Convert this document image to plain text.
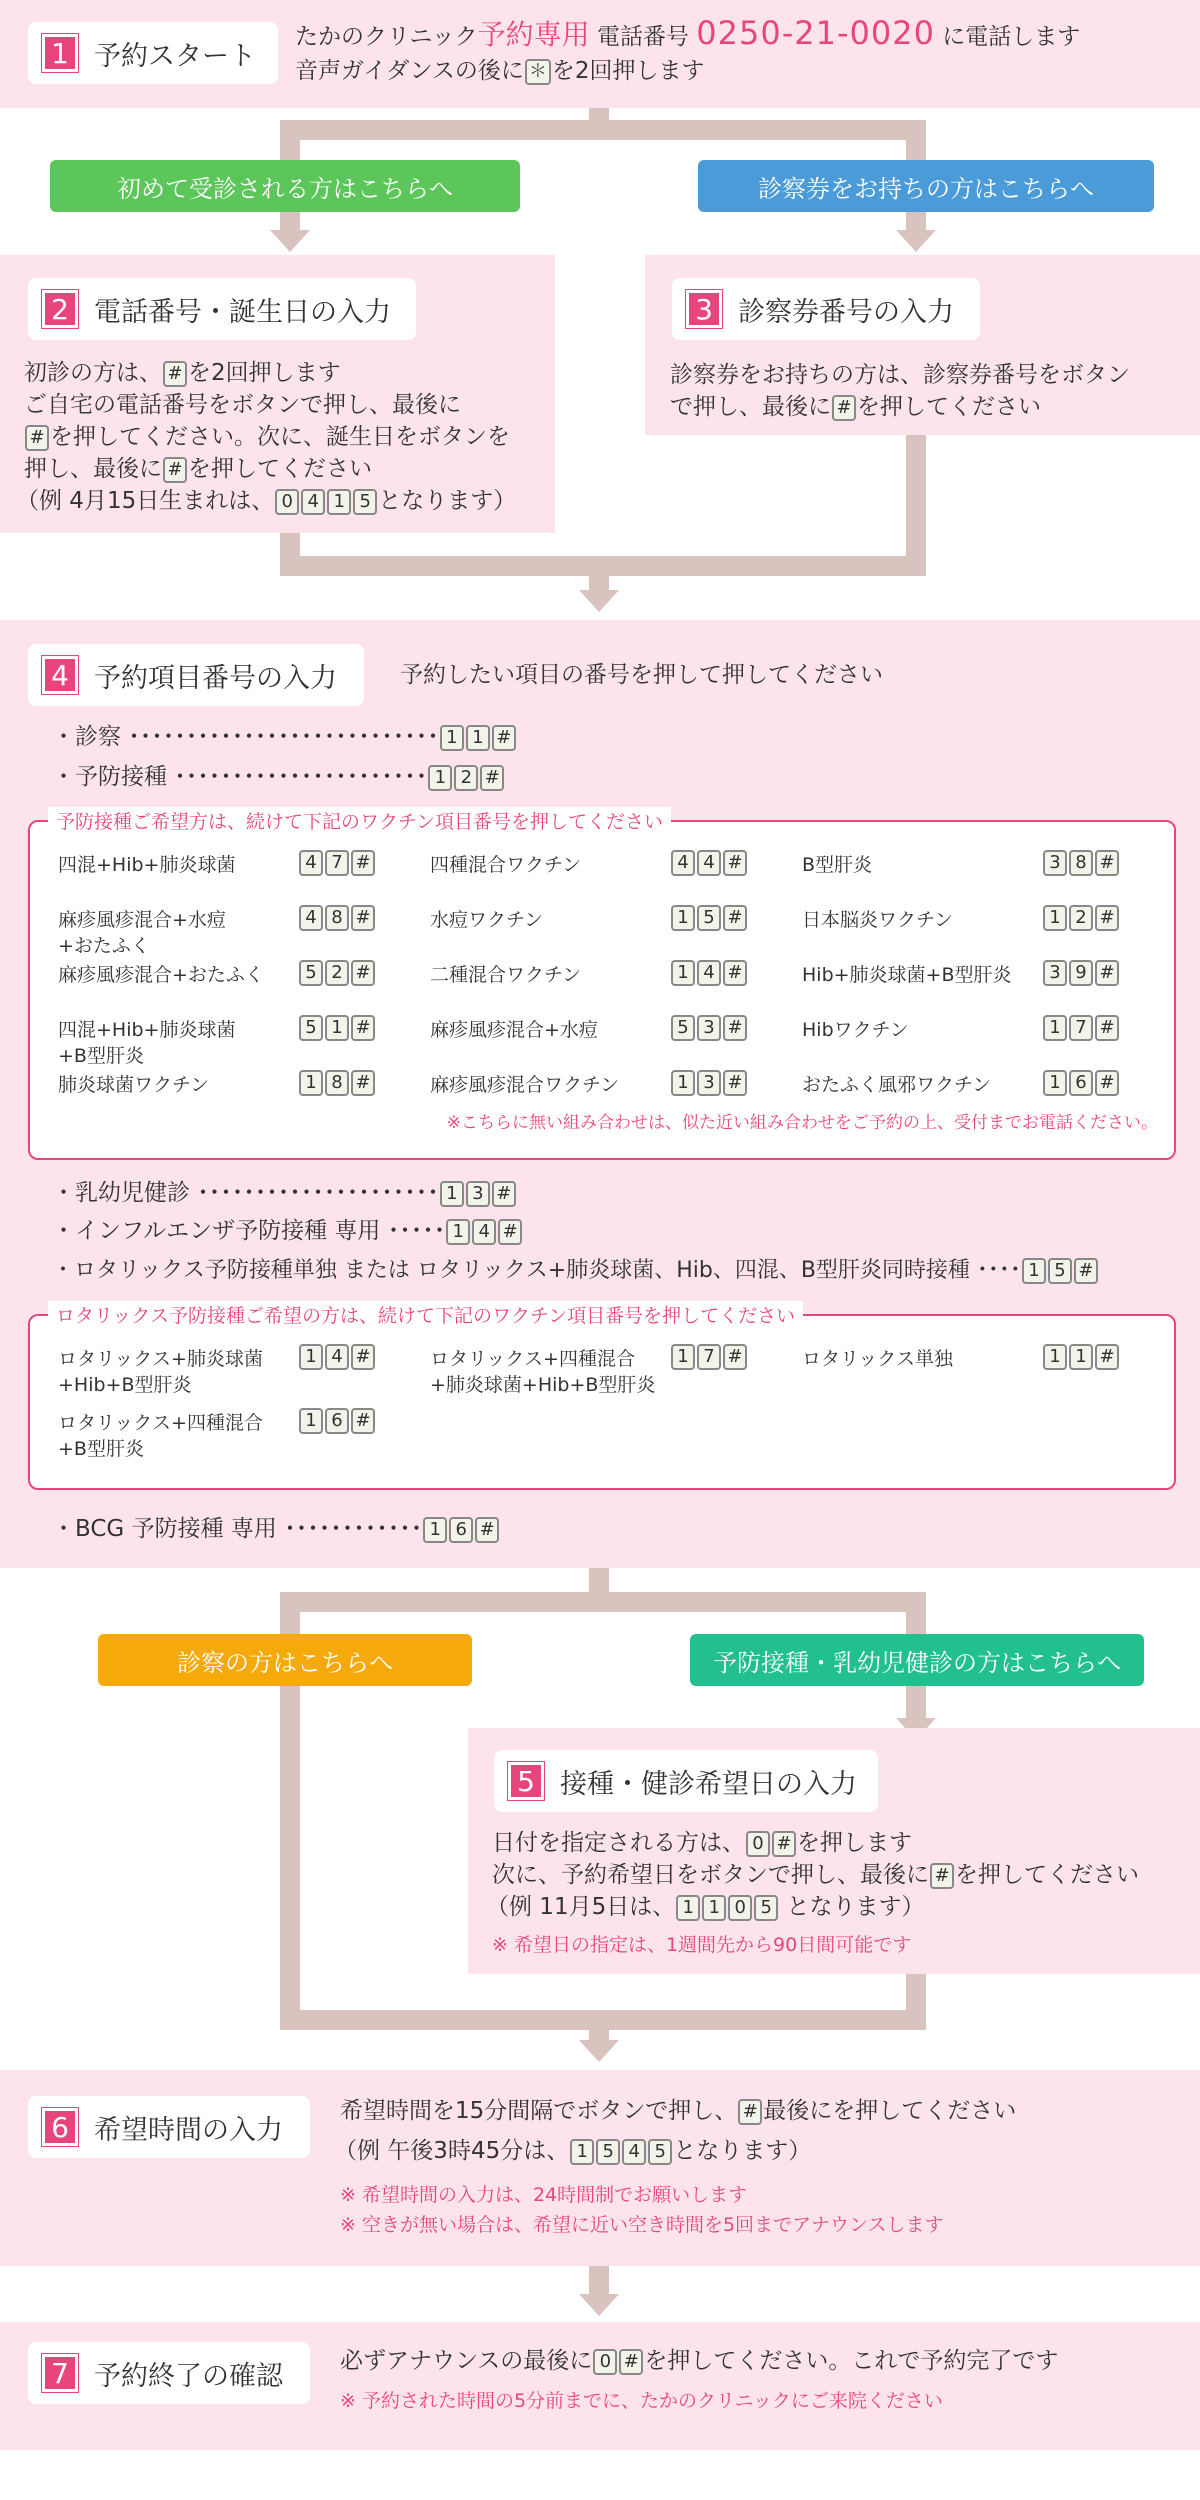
1 予約スタート
たかのクリニック予約専用 電話番号 0250-21-0020 に電話します
音声ガイダンスの後に ＊ を2回押します
初めて受診される方はこちらへ	診察券をお持ちの方はこちらへ
2 電話番号・誕生日の入力
初診の方は、 # を2回押します
ご自宅の電話番号をボタンで押し、最後に
# を押してください。次に、誕生日をボタンを
押し、最後に # を押してください
（例 4月15日生まれは、 0 4 1 5 となります）
3 診察券番号の入力
診察券をお持ちの方は、診察券番号をボタン
で押し、最後に # を押してください
4 予約項目番号の入力	予約したい項目の番号を押して押してください
・診察 ･･･････････････････････････ 1 1 #
・予防接種 ･･････････････････････ 1 2 #
予防接種ご希望方は、続けて下記のワクチン項目番号を押してください
四混+Hib+肺炎球菌	4 7 #	四種混合ワクチン	4 4 #	B型肝炎	3 8 #
麻疹風疹混合+水痘
+おたふく
4 8 #	水痘ワクチン	1 5 #	日本脳炎ワクチン	1 2 #
麻疹風疹混合+おたふく	5 2 #	二種混合ワクチン	1 4 #	Hib+肺炎球菌+B型肝炎	3 9 #
四混+Hib+肺炎球菌
+B型肝炎
5 1 #	麻疹風疹混合+水痘	5 3 #	Hibワクチン	1 7 #
肺炎球菌ワクチン	1 8 #	麻疹風疹混合ワクチン	1 3 #	おたふく風邪ワクチン	1 6 #
※こちらに無い組み合わせは、似た近い組み合わせをご予約の上、受付までお電話ください。
・乳幼児健診 ･････････････････････ 1 3 #
・インフルエンザ予防接種 専用 ･････ 1 4 #
・ロタリックス予防接種単独 または ロタリックス+肺炎球菌、Hib、四混、B型肝炎同時接種 ････ 1 5 #
ロタリックス予防接種ご希望の方は、続けて下記のワクチン項目番号を押してください
ロタリックス+肺炎球菌
+Hib+B型肝炎
1 4 #	ロタリックス+四種混合
+肺炎球菌+Hib+B型肝炎
1 7 #	ロタリックス単独	1 1 #
ロタリックス+四種混合
+B型肝炎
1 6 #
・BCG 予防接種 専用 ････････････ 1 6 #
診察の方はこちらへ	予防接種・乳幼児健診の方はこちらへ
5 接種・健診希望日の入力
日付を指定される方は、 0 # を押します
次に、予約希望日をボタンで押し、最後に # を押してください
（例 11月5日は、 1 1 0 5 となります）
※ 希望日の指定は、1週間先から90日間可能です
6 希望時間の入力
希望時間を15分間隔でボタンで押し、 # 最後にを押してください
（例 午後3時45分は、 1 5 4 5 となります）
※ 希望時間の入力は、24時間制でお願いします
※ 空きが無い場合は、希望に近い空き時間を5回までアナウンスします
7 予約終了の確認 必ずアナウンスの最後に 0 # を押してください。これで予約完了です
※ 予約された時間の5分前までに、たかのクリニックにご来院ください
